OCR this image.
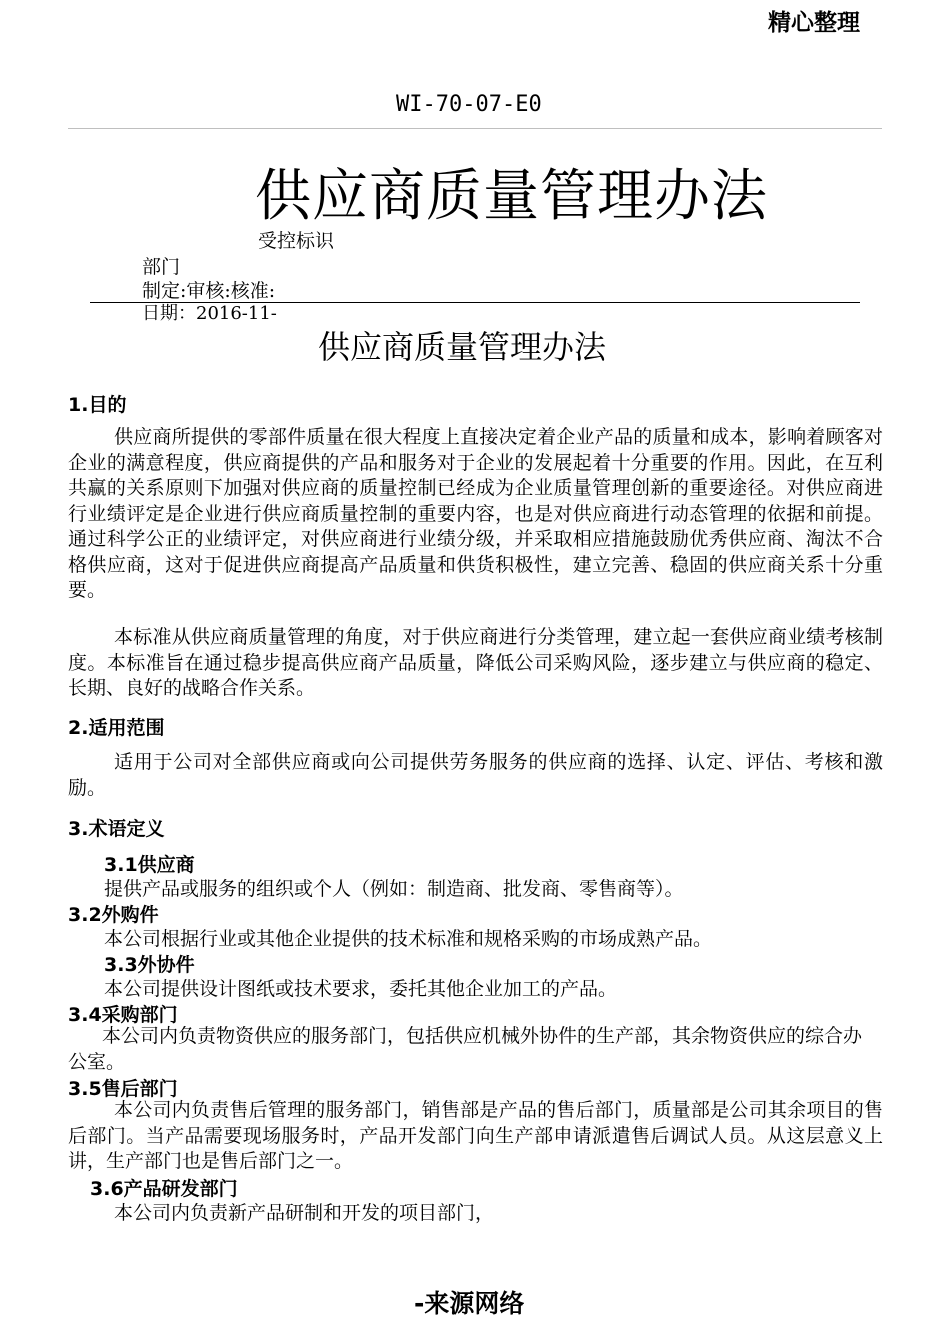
精心整理
WI-70-07-E0
供应商质量管理办法
受控标识
部门
制定:审核:核准:
日期：2016-11-
供应商质量管理办法
1.目的

供应商所提供的零部件质量在很大程度上直接决定着企业产品的质量和成本，影响着顾客对企业的满意程度，供应商提供的产品和服务对于企业的发展起着十分重要的作用。因此，在互利共赢的关系原则下加强对供应商的质量控制已经成为企业质量管理创新的重要途径。对供应商进行业绩评定是企业进行供应商质量控制的重要内容，也是对供应商进行动态管理的依据和前提。通过科学公正的业绩评定，对供应商进行业绩分级，并采取相应措施鼓励优秀供应商、淘汰不合格供应商，这对于促进供应商提高产品质量和供货积极性，建立完善、稳固的供应商关系十分重要。

本标准从供应商质量管理的角度，对于供应商进行分类管理，建立起一套供应商业绩考核制度。本标准旨在通过稳步提高供应商产品质量，降低公司采购风险，逐步建立与供应商的稳定、长期、良好的战略合作关系。

2.适用范围

适用于公司对全部供应商或向公司提供劳务服务的供应商的选择、认定、评估、考核和激励。

3.术语定义
3.1供应商
提供产品或服务的组织或个人（例如：制造商、批发商、零售商等）。
3.2外购件
本公司根据行业或其他企业提供的技术标准和规格采购的市场成熟产品。
3.3外协件
本公司提供设计图纸或技术要求，委托其他企业加工的产品。
3.4采购部门

本公司内负责物资供应的服务部门，包括供应机械外协件的生产部，其余物资供应的综合办公室。

3.5售后部门

本公司内负责售后管理的服务部门，销售部是产品的售后部门，质量部是公司其余项目的售后部门。当产品需要现场服务时，产品开发部门向生产部申请派遣售后调试人员。从这层意义上讲，生产部门也是售后部门之一。

3.6产品研发部门
本公司内负责新产品研制和开发的项目部门，
-来源网络
